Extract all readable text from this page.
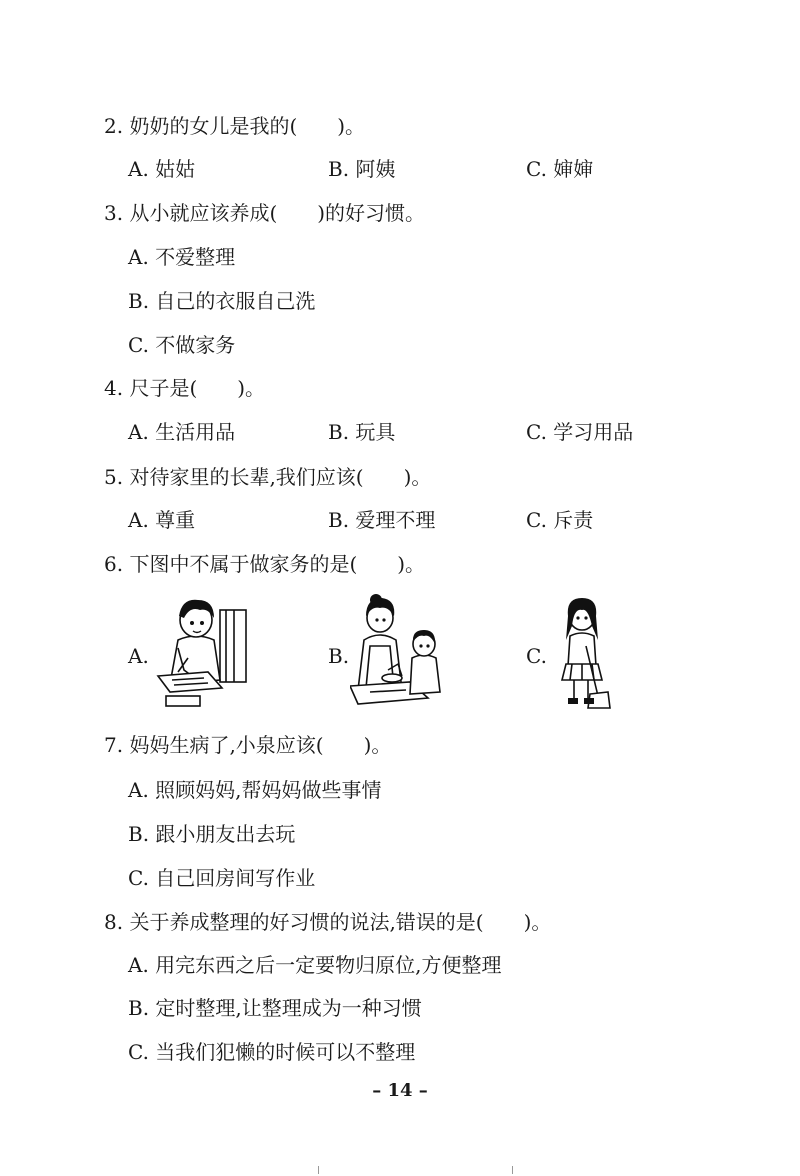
2. 奶奶的女儿是我的(　　)。
A. 姑姑	B. 阿姨	C. 婶婶
3. 从小就应该养成(　　)的好习惯。
A. 不爱整理
B. 自己的衣服自己洗
C. 不做家务
4. 尺子是(　　)。
A. 生活用品	B. 玩具	C. 学习用品
5. 对待家里的长辈,我们应该(　　)。
A. 尊重	B. 爱理不理	C. 斥责
6. 下图中不属于做家务的是(　　)。
A.	B.	C.
7. 妈妈生病了,小泉应该(　　)。
A. 照顾妈妈,帮妈妈做些事情
B. 跟小朋友出去玩
C. 自己回房间写作业
8. 关于养成整理的好习惯的说法,错误的是(　　)。
A. 用完东西之后一定要物归原位,方便整理
B. 定时整理,让整理成为一种习惯
C. 当我们犯懒的时候可以不整理
– 14 –
